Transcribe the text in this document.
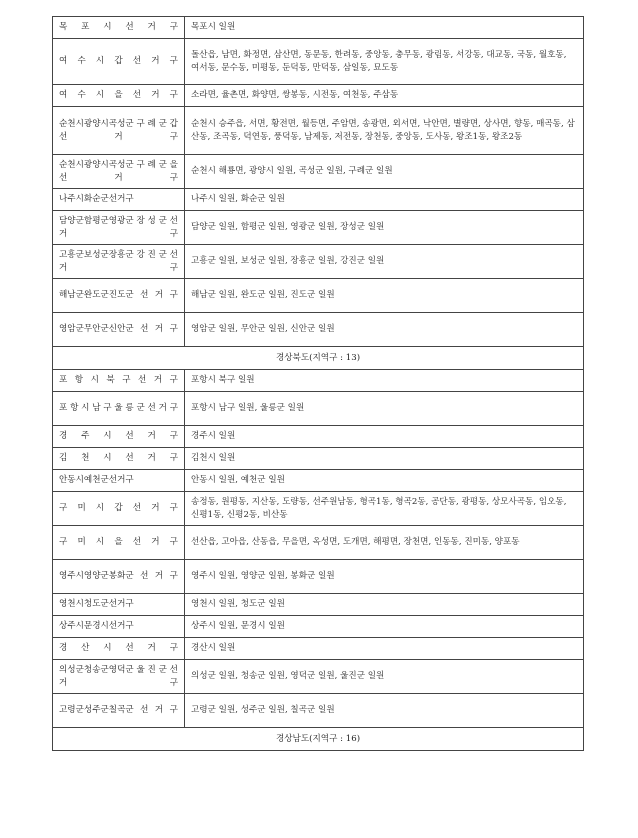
목 포 시 선 거 구	목포시 일원

여 수 시 갑 선 거 구	돌산읍, 남면, 화정면, 삼산면, 동문동, 한려동, 중앙동, 충무동, 광림동, 서강동, 대교동, 국동, 월호동, 여서동, 문수동, 미평동, 둔덕동, 만덕동, 삼일동, 묘도동

여 수 시 을 선 거 구	소라면, 율촌면, 화양면, 쌍봉동, 시전동, 여천동, 주삼동

순천시광양시곡성군 구 례 군 갑 선 거 구	순천시 승주읍, 서면, 황전면, 월등면, 주암면, 송광면, 외서면, 낙안면, 별량면, 상사면, 향동, 매곡동, 삼산동, 조곡동, 덕연동, 풍덕동, 남제동, 저전동, 장천동, 중앙동, 도사동, 왕조1동, 왕조2동

순천시광양시곡성군 구 례 군 을 선 거 구	순천시 해룡면, 광양시 일원, 곡성군 일원, 구례군 일원

나주시화순군선거구	나주시 일원, 화순군 일원

담양군함평군영광군 장 성 군 선 거 구	담양군 일원, 함평군 일원, 영광군 일원, 장성군 일원

고흥군보성군장흥군 강 진 군 선 거 구	고흥군 일원, 보성군 일원, 장흥군 일원, 강진군 일원

해남군완도군진도군 선 거 구	해남군 일원, 완도군 일원, 진도군 일원

영암군무안군신안군 선 거 구	영암군 일원, 무안군 일원, 신안군 일원
경상북도(지역구 : 13)	

포 항 시 북 구 선 거 구	포항시 북구 일원

포 항 시 남 구 울 릉 군 선 거 구	포항시 남구 일원, 울릉군 일원

경 주 시 선 거 구	경주시 일원

김 천 시 선 거 구	김천시 일원

안동시예천군선거구	안동시 일원, 예천군 일원

구 미 시 갑 선 거 구	송정동, 원평동, 지산동, 도량동, 선주원남동, 형곡1동, 형곡2동, 공단동, 광평동, 상모사곡동, 임오동, 신평1동, 신평2동, 비산동

구 미 시 을 선 거 구	선산읍, 고아읍, 산동읍, 무을면, 옥성면, 도개면, 해평면, 장천면, 인동동, 진미동, 양포동

영주시영양군봉화군 선 거 구	영주시 일원, 영양군 일원, 봉화군 일원

영천시청도군선거구	영천시 일원, 청도군 일원

상주시문경시선거구	상주시 일원, 문경시 일원

경 산 시 선 거 구	경산시 일원

의성군청송군영덕군 울 진 군 선 거 구	의성군 일원, 청송군 일원, 영덕군 일원, 울진군 일원

고령군성주군칠곡군 선 거 구	고령군 일원, 성주군 일원, 칠곡군 일원
경상남도(지역구 : 16)	
